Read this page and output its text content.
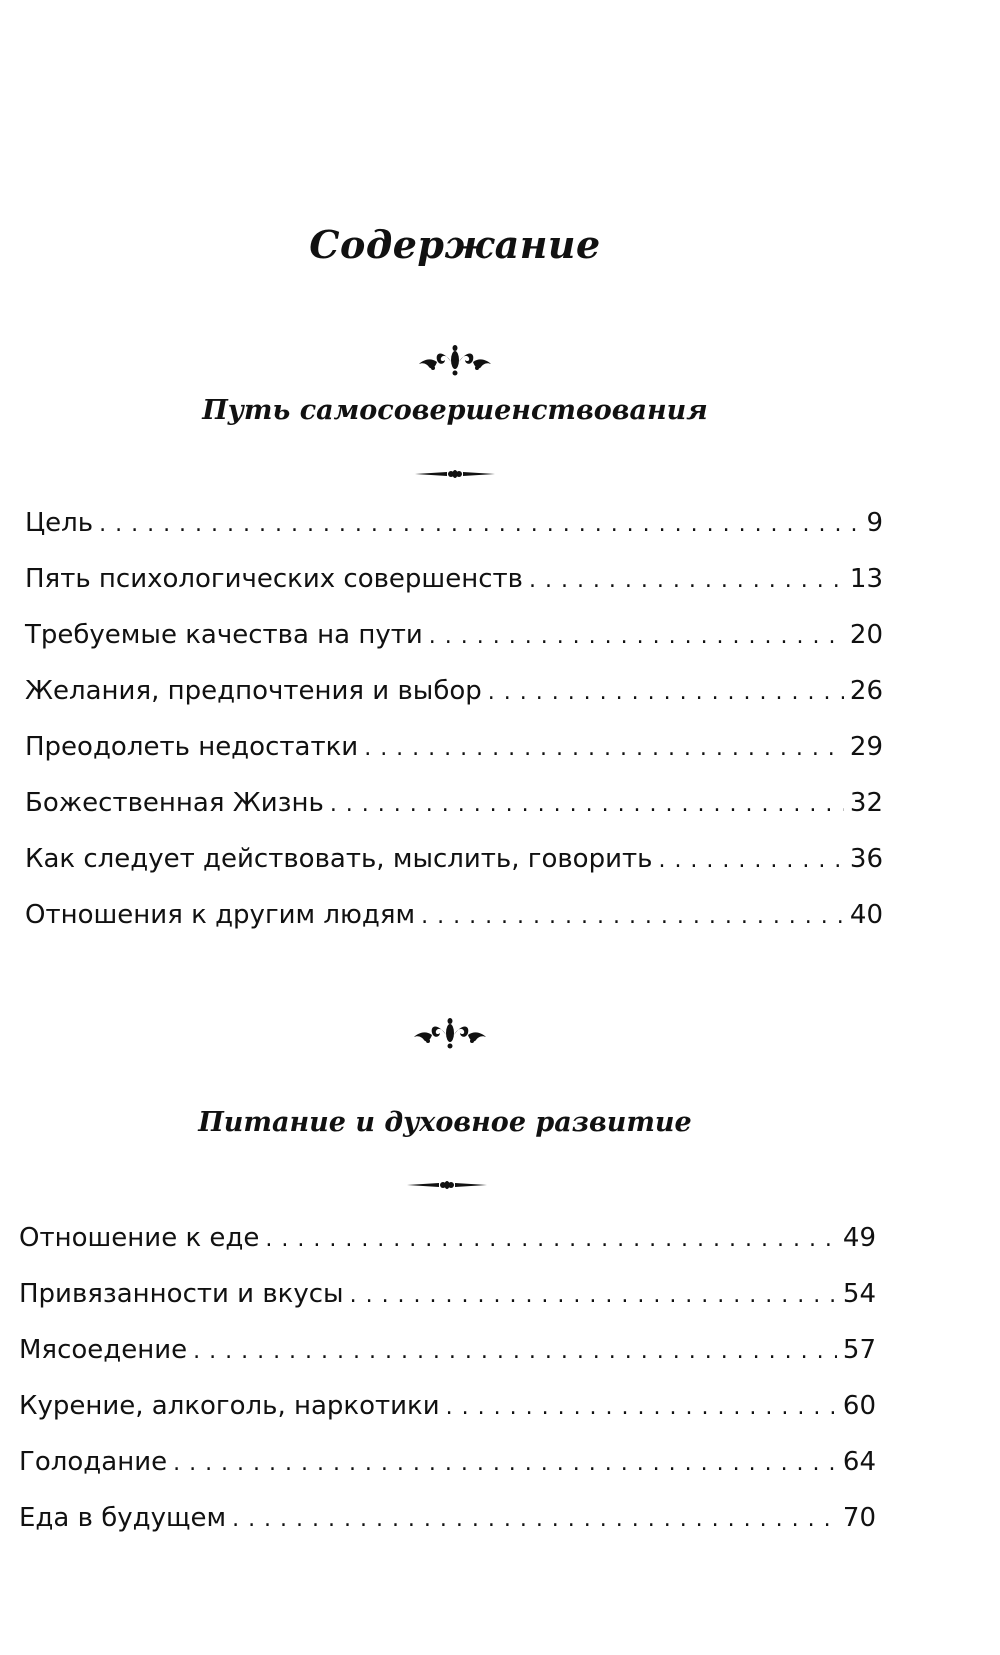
Содержание
Путь самосовершенствования
Цель . . .	9
Пять психологических совершенств . . .	13
Требуемые качества на пути . . .	20
Желания, предпочтения и выбор . . .	26
Преодолеть недостатки . . .	29
Божественная Жизнь . . .	32
Как следует действовать, мыслить, говорить . . .	36
Отношения к другим людям . . .	40
Питание и духовное развитие
Отношение к еде . . .	49
Привязанности и вкусы . . .	54
Мясоедение . . .	57
Курение, алкоголь, наркотики . . .	60
Голодание . . .	64
Еда в будущем . . .	70
